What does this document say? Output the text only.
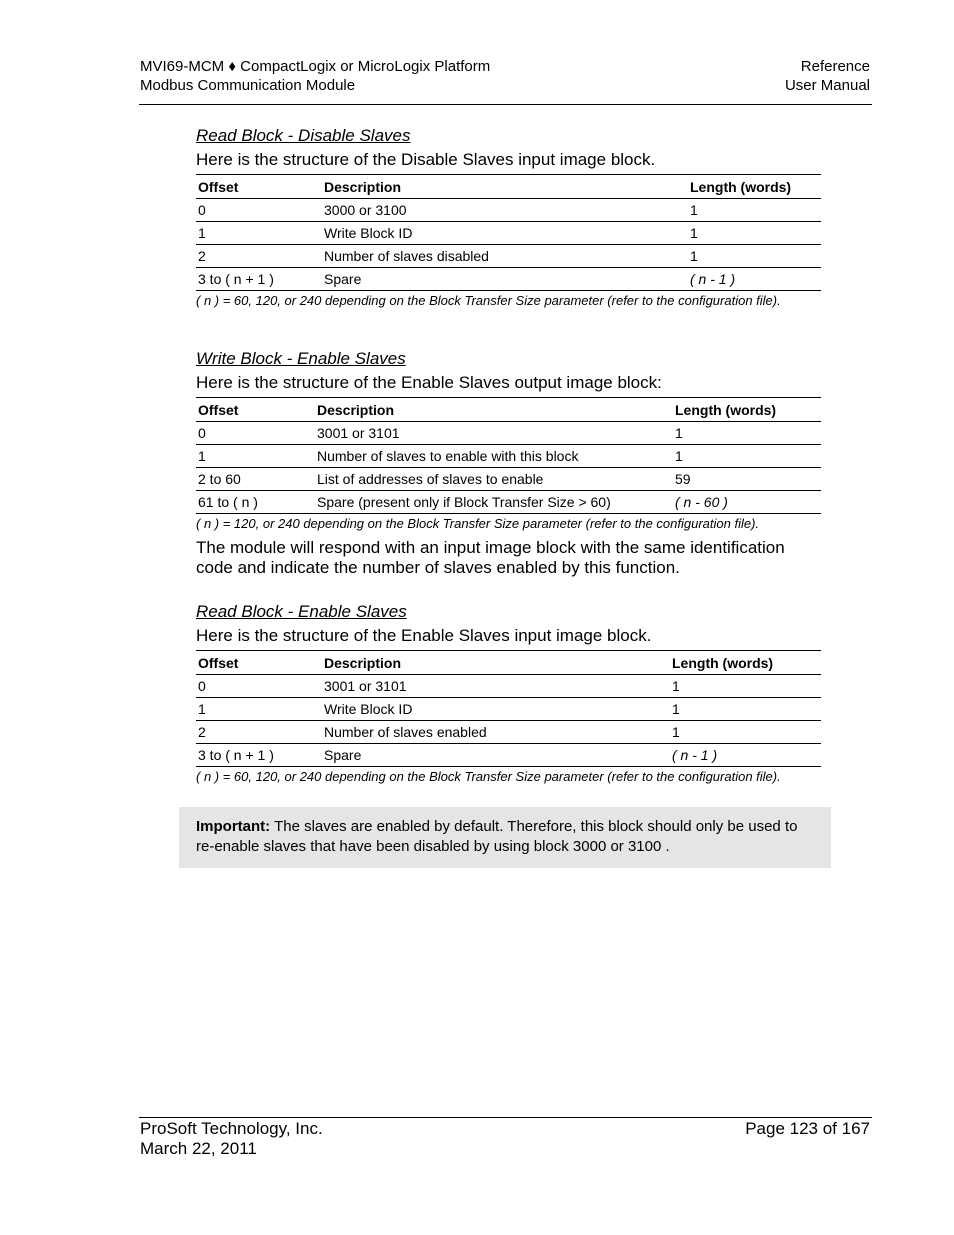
MVI69-MCM ♦ CompactLogix or MicroLogix Platform
Modbus Communication Module
Reference
User Manual
Read Block - Disable Slaves
Here is the structure of the Disable Slaves input image block.
Offset	Description	Length (words)
0	3000 or 3100	1
1	Write Block ID	1
2	Number of slaves disabled	1
3 to ( n + 1 )	Spare	( n - 1 )
( n ) = 60, 120, or 240 depending on the Block Transfer Size parameter (refer to the configuration file).
Write Block - Enable Slaves
Here is the structure of the Enable Slaves output image block:
Offset	Description	Length (words)
0	3001 or 3101	1
1	Number of slaves to enable with this block	1
2 to 60	List of addresses of slaves to enable	59
61 to ( n )	Spare (present only if Block Transfer Size > 60)	( n - 60 )
( n ) = 120, or 240 depending on the Block Transfer Size parameter (refer to the configuration file).
The module will respond with an input image block with the same identification code and indicate the number of slaves enabled by this function.
Read Block - Enable Slaves
Here is the structure of the Enable Slaves input image block.
Offset	Description	Length (words)
0	3001 or 3101	1
1	Write Block ID	1
2	Number of slaves enabled	1
3 to ( n + 1 )	Spare	( n - 1 )
( n ) = 60, 120, or 240 depending on the Block Transfer Size parameter (refer to the configuration file).
Important: The slaves are enabled by default. Therefore, this block should only be used to re-enable slaves that have been disabled by using block 3000 or 3100 .
ProSoft Technology, Inc.
March 22, 2011
Page 123 of 167
